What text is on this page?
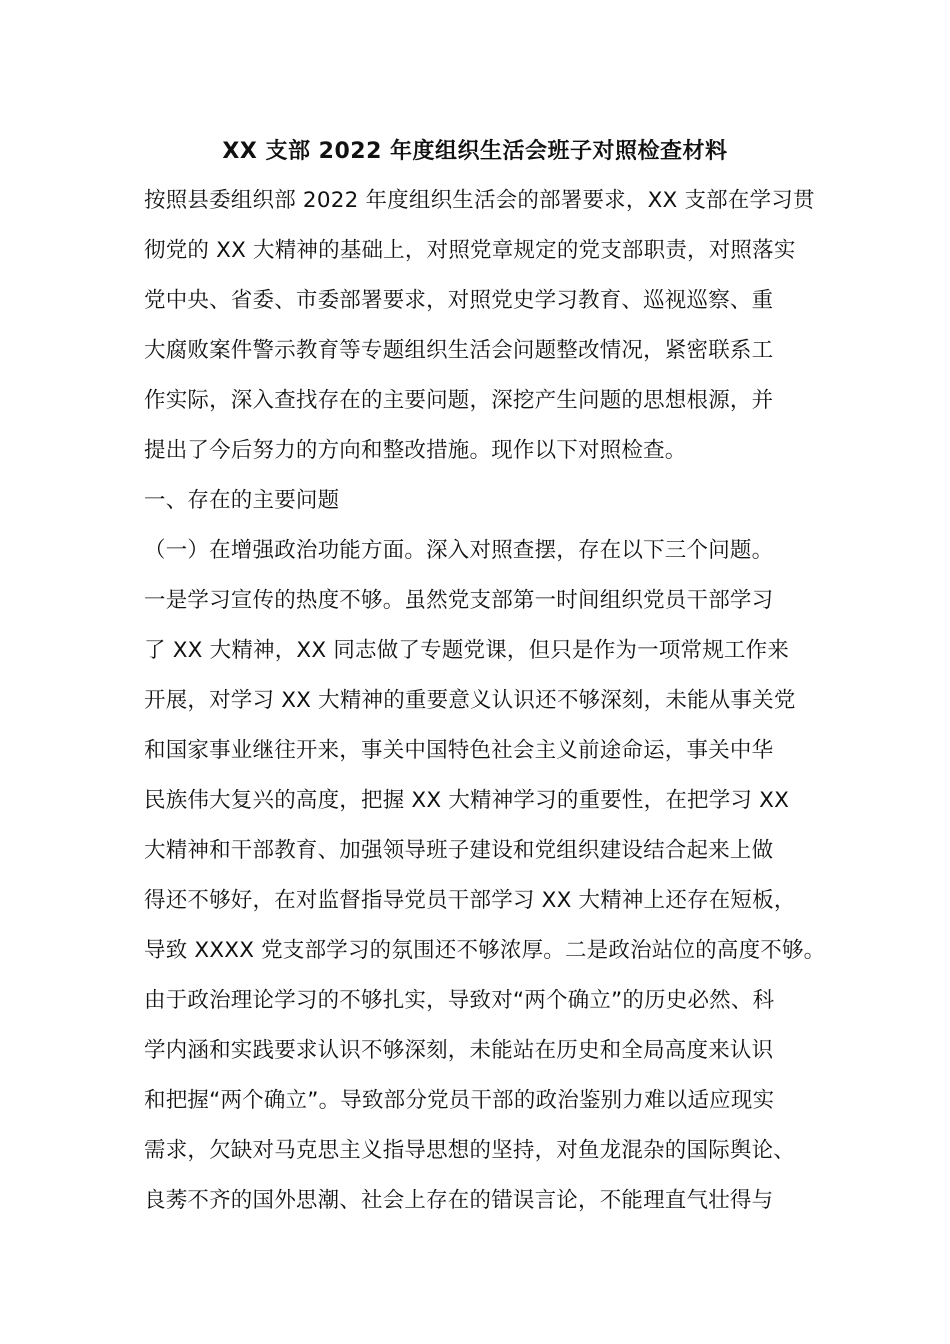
XX 支部 2022 年度组织生活会班子对照检查材料
按照县委组织部 2022 年度组织生活会的部署要求，XX 支部在学习贯
彻党的 XX 大精神的基础上，对照党章规定的党支部职责，对照落实
党中央、省委、市委部署要求，对照党史学习教育、巡视巡察、重
大腐败案件警示教育等专题组织生活会问题整改情况，紧密联系工
作实际，深入查找存在的主要问题，深挖产生问题的思想根源，并
提出了今后努力的方向和整改措施。现作以下对照检查。
一、存在的主要问题
（一）在增强政治功能方面。深入对照查摆，存在以下三个问题。
一是学习宣传的热度不够。虽然党支部第一时间组织党员干部学习
了 XX 大精神，XX 同志做了专题党课，但只是作为一项常规工作来
开展，对学习 XX 大精神的重要意义认识还不够深刻，未能从事关党
和国家事业继往开来，事关中国特色社会主义前途命运，事关中华
民族伟大复兴的高度，把握 XX 大精神学习的重要性，在把学习 XX
大精神和干部教育、加强领导班子建设和党组织建设结合起来上做
得还不够好，在对监督指导党员干部学习 XX 大精神上还存在短板，
导致 XXXX 党支部学习的氛围还不够浓厚。二是政治站位的高度不够。
由于政治理论学习的不够扎实，导致对“两个确立”的历史必然、科
学内涵和实践要求认识不够深刻，未能站在历史和全局高度来认识
和把握“两个确立”。导致部分党员干部的政治鉴别力难以适应现实
需求，欠缺对马克思主义指导思想的坚持，对鱼龙混杂的国际舆论、
良莠不齐的国外思潮、社会上存在的错误言论，不能理直气壮得与
